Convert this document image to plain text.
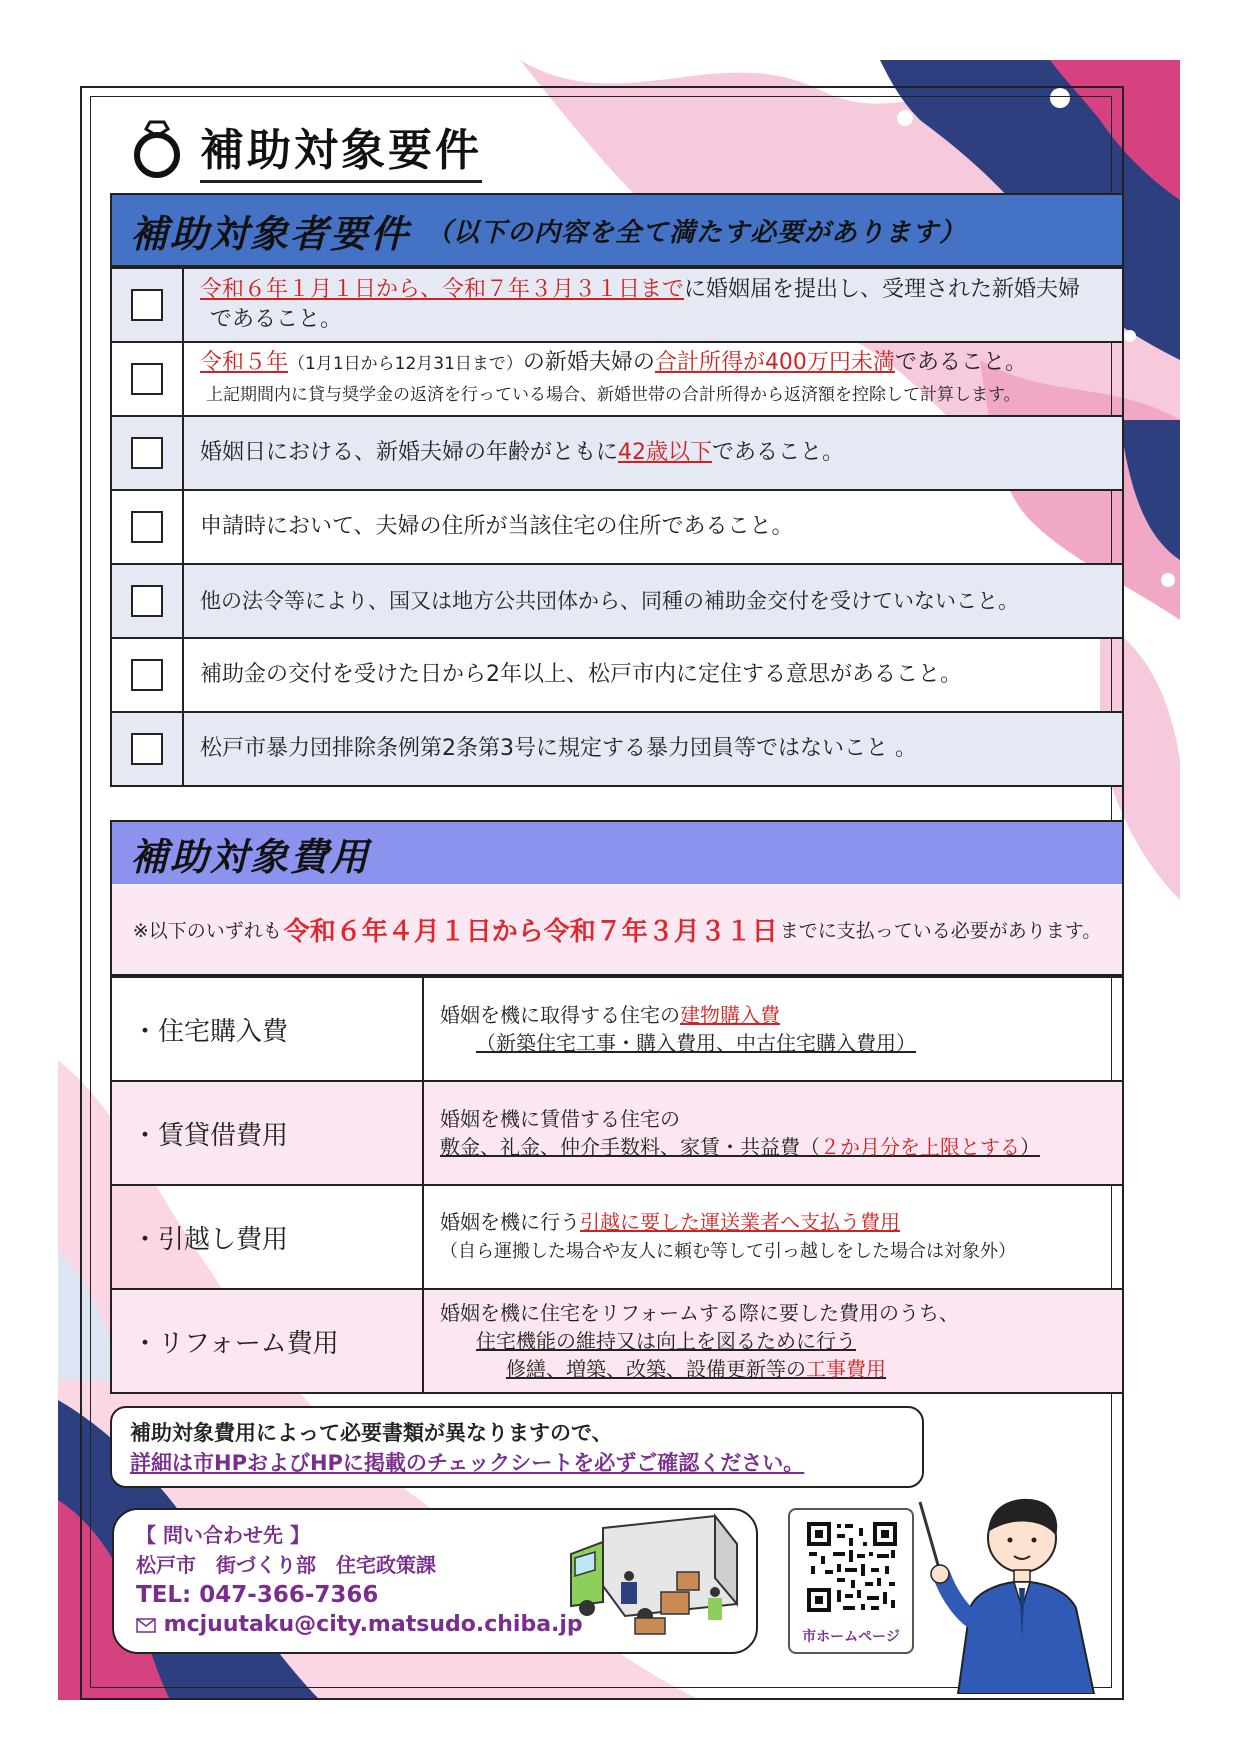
補助対象要件
補助対象者要件 （以下の内容を全て満たす必要があります）
	令和６年１月１日から、令和７年３月３１日までに婚姻届を提出し、受理された新婚夫婦
であること。
	令和５年（1月1日から12月31日まで）の新婚夫婦の合計所得が400万円未満であること。
上記期間内に貸与奨学金の返済を行っている場合、新婚世帯の合計所得から返済額を控除して計算します。
	婚姻日における、新婚夫婦の年齢がともに42歳以下であること。
	申請時において、夫婦の住所が当該住宅の住所であること。
	他の法令等により、国又は地方公共団体から、同種の補助金交付を受けていないこと。
	補助金の交付を受けた日から2年以上、松戸市内に定住する意思があること。
	松戸市暴力団排除条例第2条第3号に規定する暴力団員等ではないこと 。
補助対象費用
※以下のいずれも 令和６年４月１日から令和７年３月３１日 までに支払っている必要があります。
・住宅購入費	婚姻を機に取得する住宅の建物購入費
（新築住宅工事・購入費用、中古住宅購入費用）
・賃貸借費用	婚姻を機に賃借する住宅の
敷金、礼金、仲介手数料、家賃・共益費（２か月分を上限とする）
・引越し費用	婚姻を機に行う引越に要した運送業者へ支払う費用
（自ら運搬した場合や友人に頼む等して引っ越しをした場合は対象外）
・リフォーム費用	婚姻を機に住宅をリフォームする際に要した費用のうち、
住宅機能の維持又は向上を図るために行う
修繕、増築、改築、設備更新等の工事費用
補助対象費用によって必要書類が異なりますので、
詳細は市HPおよびHPに掲載のチェックシートを必ずご確認ください。
【 問い合わせ先 】
松戸市　街づくり部　住宅政策課
TEL: 047-366-7366
mcjuutaku@city.matsudo.chiba.jp	市ホームページ
